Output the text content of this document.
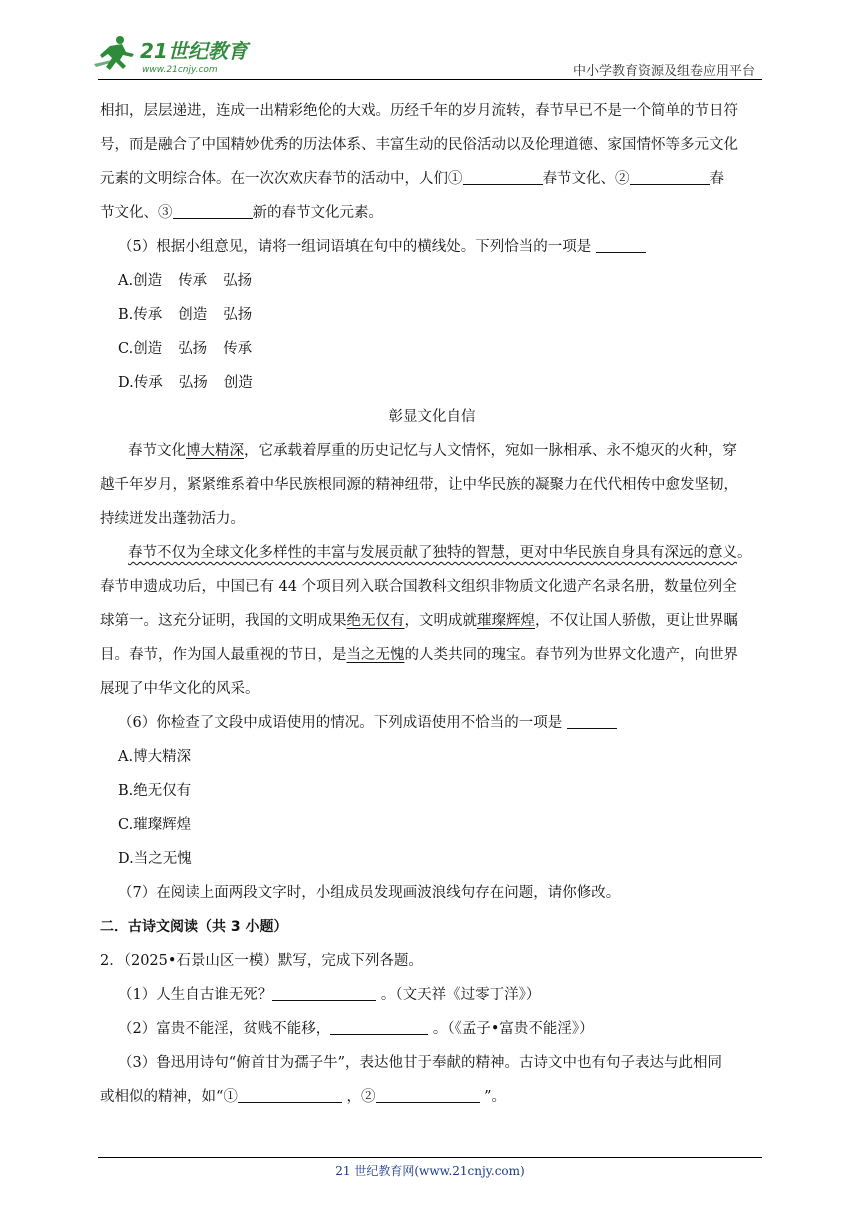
21世纪教育
www.21cnjy.com	中小学教育资源及组卷应用平台
相扣，层层递进，连成一出精彩绝伦的大戏。历经千年的岁月流转，春节早已不是一个简单的节日符
号，而是融合了中国精妙优秀的历法体系、丰富生动的民俗活动以及伦理道德、家国情怀等多元文化
元素的文明综合体。在一次次欢庆春节的活动中，人们①	春节文化、②	春
节文化、③	新的春节文化元素。
（5）根据小组意见，请将一组词语填在句中的横线处。下列恰当的一项是
A.创造 传承 弘扬
B.传承 创造 弘扬
C.创造 弘扬 传承
D.传承 弘扬 创造
彰显文化自信
春节文化博大精深，它承载着厚重的历史记忆与人文情怀，宛如一脉相承、永不熄灭的火种，穿
越千年岁月，紧紧维系着中华民族根同源的精神纽带，让中华民族的凝聚力在代代相传中愈发坚韧，
持续迸发出蓬勃活力。
春节不仅为全球文化多样性的丰富与发展贡献了独特的智慧，更对中华民族自身具有深远的意义。
春节申遗成功后，中国已有 44 个项目列入联合国教科文组织非物质文化遗产名录名册，数量位列全
球第一。这充分证明，我国的文明成果绝无仅有，文明成就璀璨辉煌，不仅让国人骄傲，更让世界瞩
目。春节，作为国人最重视的节日，是当之无愧的人类共同的瑰宝。春节列为世界文化遗产，向世界
展现了中华文化的风采。
（6）你检查了文段中成语使用的情况。下列成语使用不恰当的一项是
A.博大精深
B.绝无仅有
C.璀璨辉煌
D.当之无愧
（7）在阅读上面两段文字时，小组成员发现画波浪线句存在问题，请你修改。
二．古诗文阅读（共 3 小题）
2．（2025•石景山区一模）默写，完成下列各题。
（1）人生自古谁无死？	。（文天祥《过零丁洋》）
（2）富贵不能淫，贫贱不能移，	。（《孟子•富贵不能淫》）
（3）鲁迅用诗句“俯首甘为孺子牛”，表达他甘于奉献的精神。古诗文中也有句子表达与此相同
或相似的精神，如“①	，②	”。
21 世纪教育网(www.21cnjy.com)
